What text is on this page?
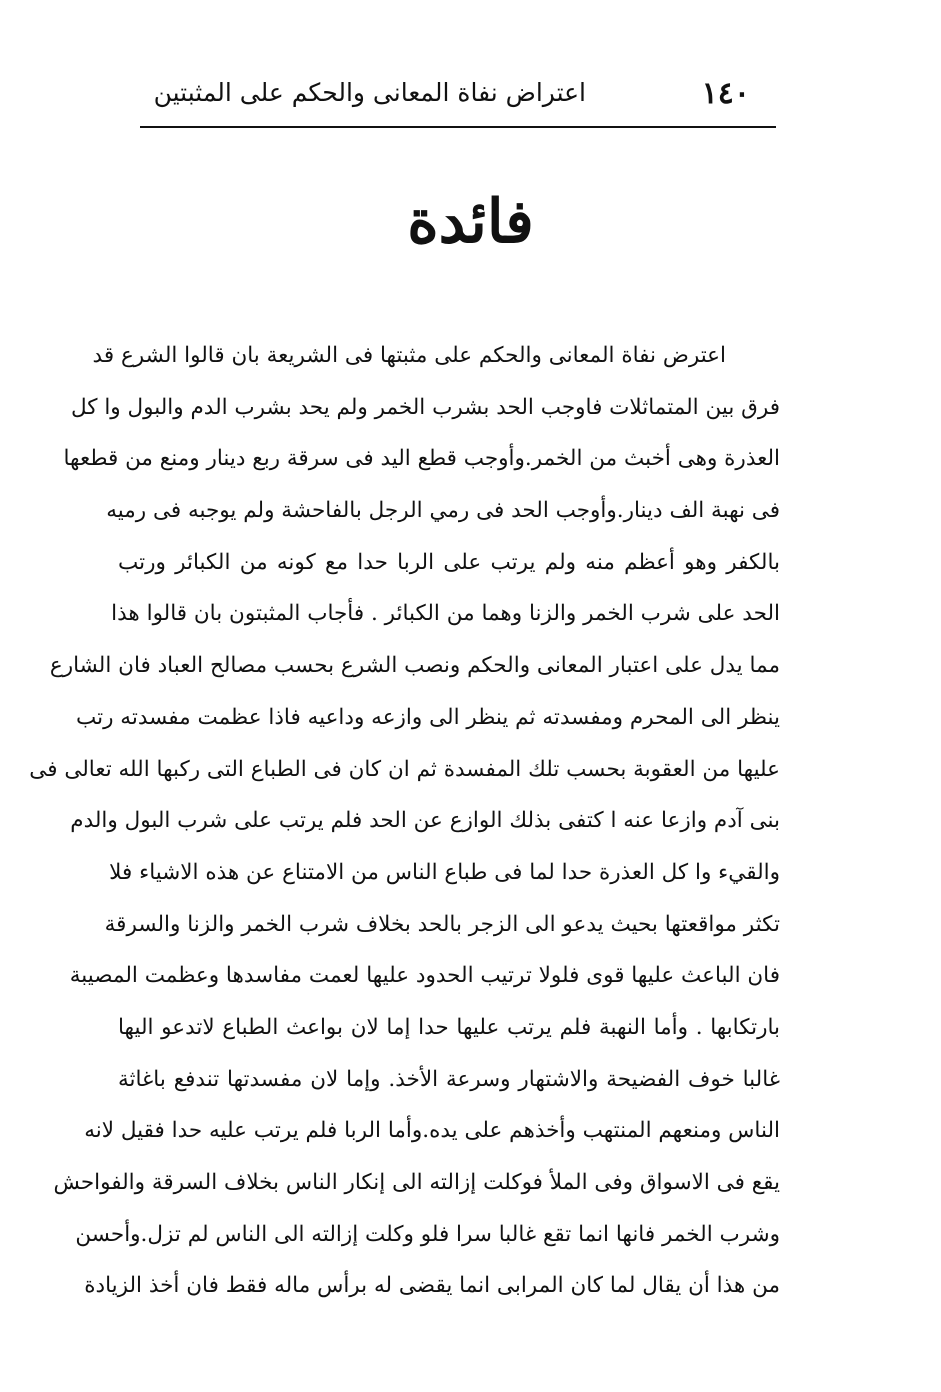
١٤٠
اعتراض نفاة المعانى والحكم على المثبتين
فائدة
اعترض نفاة المعانى والحكم على مثبتها فى الشريعة بان قالوا الشرع قد
فرق بين المتماثلات فاوجب الحد بشرب الخمر ولم يحد بشرب الدم والبول وا كل
العذرة وهى أخبث من الخمر.وأوجب قطع اليد فى سرقة ربع دينار ومنع من قطعها
فى نهبة الف دينار.وأوجب الحد فى رمي الرجل بالفاحشة ولم يوجبه فى رميه
بالكفر وهو أعظم منه ولم يرتب على الربا حدا مع كونه من الكبائر ورتب
الحد على شرب الخمر والزنا وهما من الكبائر . فأجاب المثبتون بان قالوا هذا
مما يدل على اعتبار المعانى والحكم ونصب الشرع بحسب مصالح العباد فان الشارع
ينظر الى المحرم ومفسدته ثم ينظر الى وازعه وداعيه فاذا عظمت مفسدته رتب
عليها من العقوبة بحسب تلك المفسدة ثم ان كان فى الطباع التى ركبها الله تعالى فى
بنى آدم وازعا عنه ا كتفى بذلك الوازع عن الحد فلم يرتب على شرب البول والدم
والقيء وا كل العذرة حدا لما فى طباع الناس من الامتناع عن هذه الاشياء فلا
تكثر مواقعتها بحيث يدعو الى الزجر بالحد بخلاف شرب الخمر والزنا والسرقة
فان الباعث عليها قوى فلولا ترتيب الحدود عليها لعمت مفاسدها وعظمت المصيبة
بارتكابها . وأما النهبة فلم يرتب عليها حدا إما لان بواعث الطباع لاتدعو اليها
غالبا خوف الفضيحة والاشتهار وسرعة الأخذ. وإما لان مفسدتها تندفع باغاثة
الناس ومنعهم المنتهب وأخذهم على يده.وأما الربا فلم يرتب عليه حدا فقيل لانه
يقع فى الاسواق وفى الملأ فوكلت إزالته الى إنكار الناس بخلاف السرقة والفواحش
وشرب الخمر فانها انما تقع غالبا سرا فلو وكلت إزالته الى الناس لم تزل.وأحسن
من هذا أن يقال لما كان المرابى انما يقضى له برأس ماله فقط فان أخذ الزيادة
